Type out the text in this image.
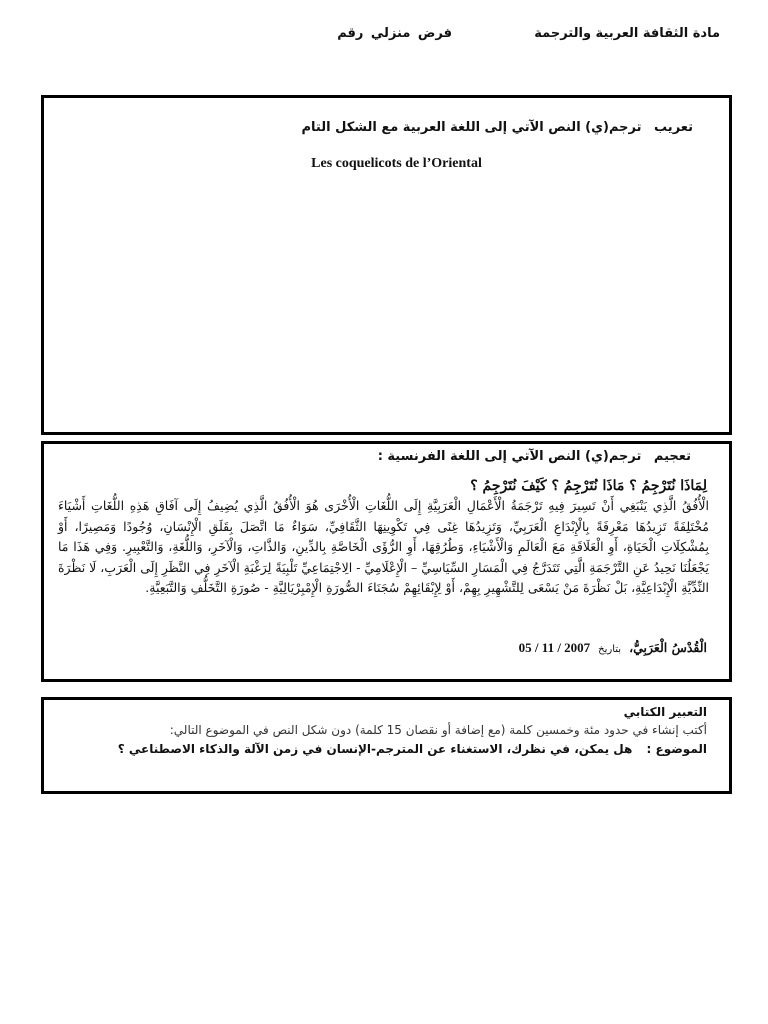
مادة الثقافة العربية والترجمة
فرض منزلي رقم
تعريب ترجم(ي) النص الآتي إلى اللغة العربية مع الشكل التام
Les coquelicots de l’Oriental
تعجيم ترجم(ي) النص الآتي إلى اللغة الفرنسية :
لِمَاذَا نُتَرْجِمُ ؟ مَاذَا نُتَرْجِمُ ؟ كَيْفَ نُتَرْجِمُ ؟
الْأُفُقُ الَّذِي يَنْبَغِي أَنْ تَسِيرَ فِيهِ تَرْجَمَةُ الْأَعْمَالِ الْعَرَبِيَّةِ إِلَى اللُّغَاتِ الْأُخْرَى هُوَ الْأُفُقُ الَّذِي يُضِيفُ إِلَى آفَاقِ هَذِهِ اللُّغَاتِ أَشْيَاءَ مُخْتَلِفَةً تَزِيدُهَا مَعْرِفَةً بِالْإِبْدَاعِ الْعَرَبِيِّ، وَتَزِيدُهَا غِنًى فِي تَكْوِينِهَا الثَّقَافِيِّ، سَوَاءٌ مَا اتَّصَلَ بِقَلَقِ الْإِنْسَانِ، وُجُودًا وَمَصِيرًا، أَوْ بِمُشْكِلَاتِ الْحَيَاةِ، أَوِ الْعَلَاقَةِ مَعَ الْعَالَمِ وَالْأَشْيَاءِ، وَطُرُقِهَا، أَوِ الرُّؤَى الْخَاصَّةِ بِالدِّينِ، وَالذَّاتِ، وَالْآخَرِ، وَاللُّغَةِ، وَالتَّعْبِيرِ. وَفِي هَذَا مَا يَجْعَلُنَا نَحِيدُ عَنِ التَّرْجَمَةِ الَّتِي تَتَدَرَّجُ فِي الْمَسَارِ السِّيَاسِيِّ – الْإِعْلَامِيِّ - الِاجْتِمَاعِيِّ تَلْبِيَةً لِرَغْبَةِ الْآخَرِ فِي النَّظَرِ إِلَى الْعَرَبِ، لَا نَظْرَةَ النِّدِّيَّةِ الْإِبْدَاعِيَّةِ، بَلْ نَظْرَةَ مَنْ يَسْعَى لِلتَّشْهِيرِ بِهِمْ، أَوْ لِإِبْقَائِهِمْ سُجَنَاءَ الصُّورَةِ الْإِمْبِرْيَالِيَّةِ - صُورَةِ التَّخَلُّفِ وَالتَّبَعِيَّةِ.
الْقُدْسُ الْعَرَبِيُّ، بتاريخ 05 / 11 / 2007
التعبير الكتابي
أكتب إنشاء في حدود مئة وخمسين كلمة (مع إضافة أو نقصان 15 كلمة) دون شكل النص في الموضوع التالي:
الموضوع : هل يمكن، في نظرك، الاستغناء عن المترجم-الإنسان في زمن الآلة والذكاء الاصطناعي ؟
